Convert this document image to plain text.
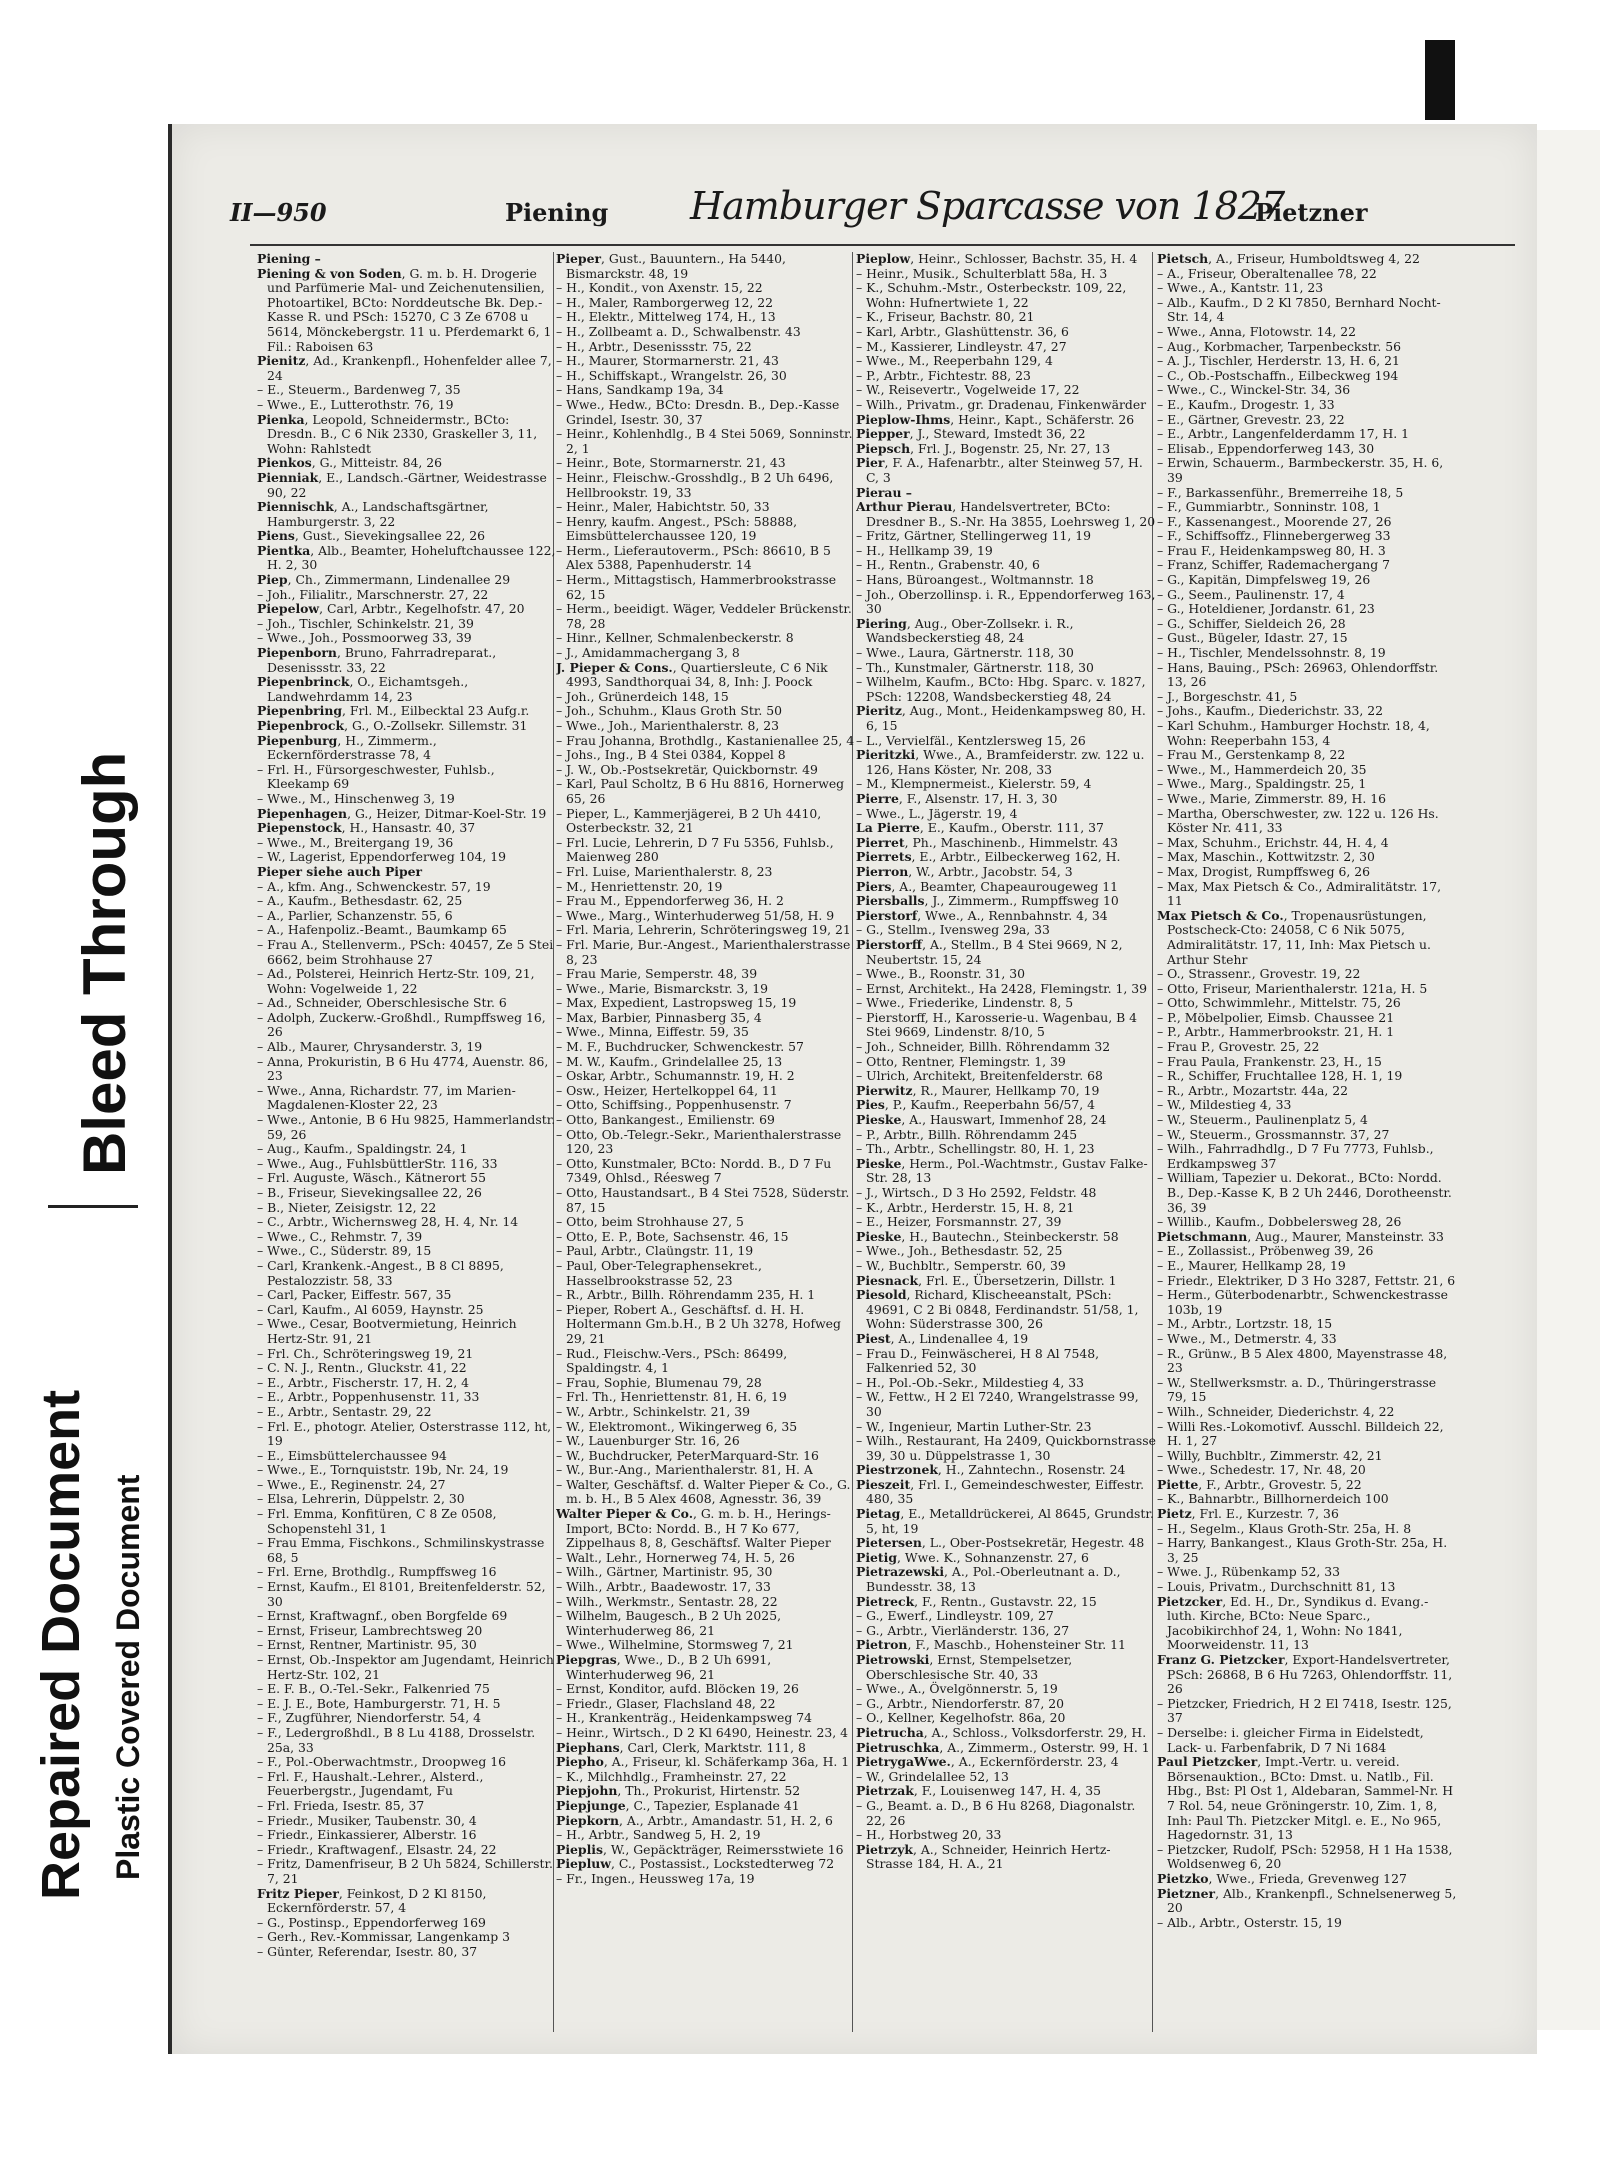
Repaired Document Plastic Covered Document
Bleed Through
II—950	Piening Hamburger Sparcasse von 1827
Pietzner

Piening –

Piening & von Soden, G. m. b. H. Drogerie und Parfümerie Mal- und Zeichenutensilien, Photoartikel, BCto: Norddeutsche Bk. Dep.-Kasse R. und PSch: 15270, C 3 Ze 6708 u 5614, Mönckebergstr. 11 u. Pferdemarkt 6, 1 Fil.: Raboisen 63

Pienitz, Ad., Krankenpfl., Hohenfelder allee 7, 24

– E., Steuerm., Bardenweg 7, 35

– Wwe., E., Lutterothstr. 76, 19

Pienka, Leopold, Schneidermstr., BCto: Dresdn. B., C 6 Nik 2330, Graskeller 3, 11, Wohn: Rahlstedt

Pienkos, G., Mitteistr. 84, 26

Pienniak, E., Landsch.-Gärtner, Weidestrasse 90, 22

Piennischk, A., Landschaftsgärtner, Hamburgerstr. 3, 22

Piens, Gust., Sievekingsallee 22, 26

Pientka, Alb., Beamter, Hoheluftchaussee 122, H. 2, 30

Piep, Ch., Zimmermann, Lindenallee 29

– Joh., Filialitr., Marschnerstr. 27, 22

Piepelow, Carl, Arbtr., Kegelhofstr. 47, 20

– Joh., Tischler, Schinkelstr. 21, 39

– Wwe., Joh., Possmoorweg 33, 39

Piepenborn, Bruno, Fahrradreparat., Desenissstr. 33, 22

Piepenbrinck, O., Eichamtsgeh., Landwehrdamm 14, 23

Piepenbring, Frl. M., Eilbecktal 23 Aufg.r.

Piepenbrock, G., O.-Zollsekr. Sillemstr. 31

Piepenburg, H., Zimmerm., Eckernförderstrasse 78, 4

– Frl. H., Fürsorgeschwester, Fuhlsb., Kleekamp 69

– Wwe., M., Hinschenweg 3, 19

Piepenhagen, G., Heizer, Ditmar-Koel-Str. 19

Piepenstock, H., Hansastr. 40, 37

– Wwe., M., Breitergang 19, 36

– W., Lagerist, Eppendorferweg 104, 19

Pieper siehe auch Piper

– A., kfm. Ang., Schwenckestr. 57, 19

– A., Kaufm., Bethesdastr. 62, 25

– A., Parlier, Schanzenstr. 55, 6

– A., Hafenpoliz.-Beamt., Baumkamp 65

– Frau A., Stellenverm., PSch: 40457, Ze 5 Stei 6662, beim Strohhause 27

– Ad., Polsterei, Heinrich Hertz-Str. 109, 21, Wohn: Vogelweide 1, 22

– Ad., Schneider, Oberschlesische Str. 6

– Adolph, Zuckerw.-Großhdl., Rumpffsweg 16, 26

– Alb., Maurer, Chrysanderstr. 3, 19

– Anna, Prokuristin, B 6 Hu 4774, Auenstr. 86, 23

– Wwe., Anna, Richardstr. 77, im Marien-Magdalenen-Kloster 22, 23

– Wwe., Antonie, B 6 Hu 9825, Hammerlandstr. 59, 26

– Aug., Kaufm., Spaldingstr. 24, 1

– Wwe., Aug., FuhlsbüttlerStr. 116, 33

– Frl. Auguste, Wäsch., Kätnerort 55

– B., Friseur, Sievekingsallee 22, 26

– B., Nieter, Zeisigstr. 12, 22

– C., Arbtr., Wichernsweg 28, H. 4, Nr. 14

– Wwe., C., Rehmstr. 7, 39

– Wwe., C., Süderstr. 89, 15

– Carl, Krankenk.-Angest., B 8 Cl 8895, Pestalozzistr. 58, 33

– Carl, Packer, Eiffestr. 567, 35

– Carl, Kaufm., Al 6059, Haynstr. 25

– Wwe., Cesar, Bootvermietung, Heinrich Hertz-Str. 91, 21

– Frl. Ch., Schröteringsweg 19, 21

– C. N. J., Rentn., Gluckstr. 41, 22

– E., Arbtr., Fischerstr. 17, H. 2, 4

– E., Arbtr., Poppenhusenstr. 11, 33

– E., Arbtr., Sentastr. 29, 22

– Frl. E., photogr. Atelier, Osterstrasse 112, ht, 19

– E., Eimsbüttelerchaussee 94

– Wwe., E., Tornquiststr. 19b, Nr. 24, 19

– Wwe., E., Reginenstr. 24, 27

– Elsa, Lehrerin, Düppelstr. 2, 30

– Frl. Emma, Konfitüren, C 8 Ze 0508, Schopenstehl 31, 1

– Frau Emma, Fischkons., Schmilinskystrasse 68, 5

– Frl. Erne, Brothdlg., Rumpffsweg 16

– Ernst, Kaufm., El 8101, Breitenfelderstr. 52, 30

– Ernst, Kraftwagnf., oben Borgfelde 69

– Ernst, Friseur, Lambrechtsweg 20

– Ernst, Rentner, Martinistr. 95, 30

– Ernst, Ob.-Inspektor am Jugendamt, Heinrich Hertz-Str. 102, 21

– E. F. B., O.-Tel.-Sekr., Falkenried 75

– E. J. E., Bote, Hamburgerstr. 71, H. 5

– F., Zugführer, Niendorferstr. 54, 4

– F., Ledergroßhdl., B 8 Lu 4188, Drosselstr. 25a, 33

– F., Pol.-Oberwachtmstr., Droopweg 16

– Frl. F., Haushalt.-Lehrer., Alsterd., Feuerbergstr., Jugendamt, Fu

– Frl. Frieda, Isestr. 85, 37

– Friedr., Musiker, Taubenstr. 30, 4

– Friedr., Einkassierer, Alberstr. 16

– Friedr., Kraftwagenf., Elsastr. 24, 22

– Fritz, Damenfriseur, B 2 Uh 5824, Schillerstr. 7, 21

Fritz Pieper, Feinkost, D 2 Kl 8150, Eckernförderstr. 57, 4

– G., Postinsp., Eppendorferweg 169

– Gerh., Rev.-Kommissar, Langenkamp 3

– Günter, Referendar, Isestr. 80, 37

Pieper, Gust., Bauuntern., Ha 5440, Bismarckstr. 48, 19

– H., Kondit., von Axenstr. 15, 22

– H., Maler, Ramborgerweg 12, 22

– H., Elektr., Mittelweg 174, H., 13

– H., Zollbeamt a. D., Schwalbenstr. 43

– H., Arbtr., Desenissstr. 75, 22

– H., Maurer, Stormarnerstr. 21, 43

– H., Schiffskapt., Wrangelstr. 26, 30

– Hans, Sandkamp 19a, 34

– Wwe., Hedw., BCto: Dresdn. B., Dep.-Kasse Grindel, Isestr. 30, 37

– Heinr., Kohlenhdlg., B 4 Stei 5069, Sonninstr. 2, 1

– Heinr., Bote, Stormarnerstr. 21, 43

– Heinr., Fleischw.-Grosshdlg., B 2 Uh 6496, Hellbrookstr. 19, 33

– Heinr., Maler, Habichtstr. 50, 33

– Henry, kaufm. Angest., PSch: 58888, Eimsbüttelerchaussee 120, 19

– Herm., Lieferautoverm., PSch: 86610, B 5 Alex 5388, Papenhuderstr. 14

– Herm., Mittagstisch, Hammerbrookstrasse 62, 15

– Herm., beeidigt. Wäger, Veddeler Brückenstr. 78, 28

– Hinr., Kellner, Schmalenbeckerstr. 8

– J., Amidammachergang 3, 8

J. Pieper & Cons., Quartiersleute, C 6 Nik 4993, Sandthorquai 34, 8, Inh: J. Poock

– Joh., Grünerdeich 148, 15

– Joh., Schuhm., Klaus Groth Str. 50

– Wwe., Joh., Marienthalerstr. 8, 23

– Frau Johanna, Brothdlg., Kastanienallee 25, 4

– Johs., Ing., B 4 Stei 0384, Koppel 8

– J. W., Ob.-Postsekretär, Quickbornstr. 49

– Karl, Paul Scholtz, B 6 Hu 8816, Hornerweg 65, 26

– Pieper, L., Kammerjägerei, B 2 Uh 4410, Osterbeckstr. 32, 21

– Frl. Lucie, Lehrerin, D 7 Fu 5356, Fuhlsb., Maienweg 280

– Frl. Luise, Marienthalerstr. 8, 23

– M., Henriettenstr. 20, 19

– Frau M., Eppendorferweg 36, H. 2

– Wwe., Marg., Winterhuderweg 51/58, H. 9

– Frl. Maria, Lehrerin, Schröteringsweg 19, 21

– Frl. Marie, Bur.-Angest., Marienthalerstrasse 8, 23

– Frau Marie, Semperstr. 48, 39

– Wwe., Marie, Bismarckstr. 3, 19

– Max, Expedient, Lastropsweg 15, 19

– Max, Barbier, Pinnasberg 35, 4

– Wwe., Minna, Eiffestr. 59, 35

– M. F., Buchdrucker, Schwenckestr. 57

– M. W., Kaufm., Grindelallee 25, 13

– Oskar, Arbtr., Schumannstr. 19, H. 2

– Osw., Heizer, Hertelkoppel 64, 11

– Otto, Schiffsing., Poppenhusenstr. 7

– Otto, Bankangest., Emilienstr. 69

– Otto, Ob.-Telegr.-Sekr., Marienthalerstrasse 120, 23

– Otto, Kunstmaler, BCto: Nordd. B., D 7 Fu 7349, Ohlsd., Réesweg 7

– Otto, Haustandsart., B 4 Stei 7528, Süderstr. 87, 15

– Otto, beim Strohhause 27, 5

– Otto, E. P., Bote, Sachsenstr. 46, 15

– Paul, Arbtr., Claüngstr. 11, 19

– Paul, Ober-Telegraphensekret., Hasselbrookstrasse 52, 23

– R., Arbtr., Billh. Röhrendamm 235, H. 1

– Pieper, Robert A., Geschäftsf. d. H. H. Holtermann Gm.b.H., B 2 Uh 3278, Hofweg 29, 21

– Rud., Fleischw.-Vers., PSch: 86499, Spaldingstr. 4, 1

– Frau, Sophie, Blumenau 79, 28

– Frl. Th., Henriettenstr. 81, H. 6, 19

– W., Arbtr., Schinkelstr. 21, 39

– W., Elektromont., Wikingerweg 6, 35

– W., Lauenburger Str. 16, 26

– W., Buchdrucker, PeterMarquard-Str. 16

– W., Bur.-Ang., Marienthalerstr. 81, H. A

– Walter, Geschäftsf. d. Walter Pieper & Co., G. m. b. H., B 5 Alex 4608, Agnesstr. 36, 39

Walter Pieper & Co., G. m. b. H., Herings-Import, BCto: Nordd. B., H 7 Ko 677, Zippelhaus 8, 8, Geschäftsf. Walter Pieper

– Walt., Lehr., Hornerweg 74, H. 5, 26

– Wilh., Gärtner, Martinistr. 95, 30

– Wilh., Arbtr., Baadewostr. 17, 33

– Wilh., Werkmstr., Sentastr. 28, 22

– Wilhelm, Baugesch., B 2 Uh 2025, Winterhuderweg 86, 21

– Wwe., Wilhelmine, Stormsweg 7, 21

Piepgras, Wwe., D., B 2 Uh 6991, Winterhuderweg 96, 21

– Ernst, Konditor, aufd. Blöcken 19, 26

– Friedr., Glaser, Flachsland 48, 22

– H., Krankenträg., Heidenkampsweg 74

– Heinr., Wirtsch., D 2 Kl 6490, Heinestr. 23, 4

Piephans, Carl, Clerk, Marktstr. 111, 8

Piepho, A., Friseur, kl. Schäferkamp 36a, H. 1

– K., Milchhdlg., Framheinstr. 27, 22

Piepjohn, Th., Prokurist, Hirtenstr. 52

Piepjunge, C., Tapezier, Esplanade 41

Piepkorn, A., Arbtr., Amandastr. 51, H. 2, 6

– H., Arbtr., Sandweg 5, H. 2, 19

Pieplis, W., Gepäckträger, Reimersstwiete 16

Piepluw, C., Postassist., Lockstedterweg 72

– Fr., Ingen., Heussweg 17a, 19

Pieplow, Heinr., Schlosser, Bachstr. 35, H. 4

– Heinr., Musik., Schulterblatt 58a, H. 3

– K., Schuhm.-Mstr., Osterbeckstr. 109, 22, Wohn: Hufnertwiete 1, 22

– K., Friseur, Bachstr. 80, 21

– Karl, Arbtr., Glashüttenstr. 36, 6

– M., Kassierer, Lindleystr. 47, 27

– Wwe., M., Reeperbahn 129, 4

– P., Arbtr., Fichtestr. 88, 23

– W., Reisevertr., Vogelweide 17, 22

– Wilh., Privatm., gr. Dradenau, Finkenwärder

Pieplow-Ihms, Heinr., Kapt., Schäferstr. 26

Piepper, J., Steward, Imstedt 36, 22

Piepsch, Frl. J., Bogenstr. 25, Nr. 27, 13

Pier, F. A., Hafenarbtr., alter Steinweg 57, H. C, 3

Pierau –

Arthur Pierau, Handelsvertreter, BCto: Dresdner B., S.-Nr. Ha 3855, Loehrsweg 1, 20

– Fritz, Gärtner, Stellingerweg 11, 19

– H., Hellkamp 39, 19

– H., Rentn., Grabenstr. 40, 6

– Hans, Büroangest., Woltmannstr. 18

– Joh., Oberzollinsp. i. R., Eppendorferweg 163, 30

Piering, Aug., Ober-Zollsekr. i. R., Wandsbeckerstieg 48, 24

– Wwe., Laura, Gärtnerstr. 118, 30

– Th., Kunstmaler, Gärtnerstr. 118, 30

– Wilhelm, Kaufm., BCto: Hbg. Sparc. v. 1827, PSch: 12208, Wandsbeckerstieg 48, 24

Pieritz, Aug., Mont., Heidenkampsweg 80, H. 6, 15

– L., Vervielfäl., Kentzlersweg 15, 26

Pieritzki, Wwe., A., Bramfeiderstr. zw. 122 u. 126, Hans Köster, Nr. 208, 33

– M., Klempnermeist., Kielerstr. 59, 4

Pierre, F., Alsenstr. 17, H. 3, 30

– Wwe., L., Jägerstr. 19, 4

La Pierre, E., Kaufm., Oberstr. 111, 37

Pierret, Ph., Maschinenb., Himmelstr. 43

Pierrets, E., Arbtr., Eilbeckerweg 162, H.

Pierron, W., Arbtr., Jacobstr. 54, 3

Piers, A., Beamter, Chapeaurougeweg 11

Piersballs, J., Zimmerm., Rumpffsweg 10

Pierstorf, Wwe., A., Rennbahnstr. 4, 34

– G., Stellm., Ivensweg 29a, 33

Pierstorff, A., Stellm., B 4 Stei 9669, N 2, Neubertstr. 15, 24

– Wwe., B., Roonstr. 31, 30

– Ernst, Architekt., Ha 2428, Flemingstr. 1, 39

– Wwe., Friederike, Lindenstr. 8, 5

– Pierstorff, H., Karosserie-u. Wagenbau, B 4 Stei 9669, Lindenstr. 8/10, 5

– Joh., Schneider, Billh. Röhrendamm 32

– Otto, Rentner, Flemingstr. 1, 39

– Ulrich, Architekt, Breitenfelderstr. 68

Pierwitz, R., Maurer, Hellkamp 70, 19

Pies, P., Kaufm., Reeperbahn 56/57, 4

Pieske, A., Hauswart, Immenhof 28, 24

– P., Arbtr., Billh. Röhrendamm 245

– Th., Arbtr., Schellingstr. 80, H. 1, 23

Pieske, Herm., Pol.-Wachtmstr., Gustav Falke-Str. 28, 13

– J., Wirtsch., D 3 Ho 2592, Feldstr. 48

– K., Arbtr., Herderstr. 15, H. 8, 21

– E., Heizer, Forsmannstr. 27, 39

Pieske, H., Bautechn., Steinbeckerstr. 58

– Wwe., Joh., Bethesdastr. 52, 25

– W., Buchbltr., Semperstr. 60, 39

Piesnack, Frl. E., Übersetzerin, Dillstr. 1

Piesold, Richard, Klischeeanstalt, PSch: 49691, C 2 Bi 0848, Ferdinandstr. 51/58, 1, Wohn: Süderstrasse 300, 26

Piest, A., Lindenallee 4, 19

– Frau D., Feinwäscherei, H 8 Al 7548, Falkenried 52, 30

– H., Pol.-Ob.-Sekr., Mildestieg 4, 33

– W., Fettw., H 2 El 7240, Wrangelstrasse 99, 30

– W., Ingenieur, Martin Luther-Str. 23

– Wilh., Restaurant, Ha 2409, Quickbornstrasse 39, 30 u. Düppelstrasse 1, 30

Piestrzonek, H., Zahntechn., Rosenstr. 24

Pieszeit, Frl. I., Gemeindeschwester, Eiffestr. 480, 35

Pietag, E., Metalldrückerei, Al 8645, Grundstr. 5, ht, 19

Pietersen, L., Ober-Postsekretär, Hegestr. 48

Pietig, Wwe. K., Sohnanzenstr. 27, 6

Pietrazewski, A., Pol.-Oberleutnant a. D., Bundesstr. 38, 13

Pietreck, F., Rentn., Gustavstr. 22, 15

– G., Ewerf., Lindleystr. 109, 27

– G., Arbtr., Vierländerstr. 136, 27

Pietron, F., Maschb., Hohensteiner Str. 11

Pietrowski, Ernst, Stempelsetzer, Oberschlesische Str. 40, 33

– Wwe., A., Övelgönnerstr. 5, 19

– G., Arbtr., Niendorferstr. 87, 20

– O., Kellner, Kegelhofstr. 86a, 20

Pietrucha, A., Schloss., Volksdorferstr. 29, H.

Pietruschka, A., Zimmerm., Osterstr. 99, H. 1

PietrygaWwe., A., Eckernförderstr. 23, 4

– W., Grindelallee 52, 13

Pietrzak, F., Louisenweg 147, H. 4, 35

– G., Beamt. a. D., B 6 Hu 8268, Diagonalstr. 22, 26

– H., Horbstweg 20, 33

Pietrzyk, A., Schneider, Heinrich Hertz-Strasse 184, H. A., 21

Pietsch, A., Friseur, Humboldtsweg 4, 22

– A., Friseur, Oberaltenallee 78, 22

– Wwe., A., Kantstr. 11, 23

– Alb., Kaufm., D 2 Kl 7850, Bernhard Nocht-Str. 14, 4

– Wwe., Anna, Flotowstr. 14, 22

– Aug., Korbmacher, Tarpenbeckstr. 56

– A. J., Tischler, Herderstr. 13, H. 6, 21

– C., Ob.-Postschaffn., Eilbeckweg 194

– Wwe., C., Winckel-Str. 34, 36

– E., Kaufm., Drogestr. 1, 33

– E., Gärtner, Grevestr. 23, 22

– E., Arbtr., Langenfelderdamm 17, H. 1

– Elisab., Eppendorferweg 143, 30

– Erwin, Schauerm., Barmbeckerstr. 35, H. 6, 39

– F., Barkassenführ., Bremerreihe 18, 5

– F., Gummiarbtr., Sonninstr. 108, 1

– F., Kassenangest., Moorende 27, 26

– F., Schiffsoffz., Flinnebergerweg 33

– Frau F., Heidenkampsweg 80, H. 3

– Franz, Schiffer, Rademachergang 7

– G., Kapitän, Dimpfelsweg 19, 26

– G., Seem., Paulinenstr. 17, 4

– G., Hoteldiener, Jordanstr. 61, 23

– G., Schiffer, Sieldeich 26, 28

– Gust., Bügeler, Idastr. 27, 15

– H., Tischler, Mendelssohnstr. 8, 19

– Hans, Bauing., PSch: 26963, Ohlendorffstr. 13, 26

– J., Borgeschstr. 41, 5

– Johs., Kaufm., Diederichstr. 33, 22

– Karl Schuhm., Hamburger Hochstr. 18, 4, Wohn: Reeperbahn 153, 4

– Frau M., Gerstenkamp 8, 22

– Wwe., M., Hammerdeich 20, 35

– Wwe., Marg., Spaldingstr. 25, 1

– Wwe., Marie, Zimmerstr. 89, H. 16

– Martha, Oberschwester, zw. 122 u. 126 Hs. Köster Nr. 411, 33

– Max, Schuhm., Erichstr. 44, H. 4, 4

– Max, Maschin., Kottwitzstr. 2, 30

– Max, Drogist, Rumpffsweg 6, 26

– Max, Max Pietsch & Co., Admiralitätstr. 17, 11

Max Pietsch & Co., Tropenausrüstungen, Postscheck-Cto: 24058, C 6 Nik 5075, Admiralitätstr. 17, 11, Inh: Max Pietsch u. Arthur Stehr

– O., Strassenr., Grovestr. 19, 22

– Otto, Friseur, Marienthalerstr. 121a, H. 5

– Otto, Schwimmlehr., Mittelstr. 75, 26

– P., Möbelpolier, Eimsb. Chaussee 21

– P., Arbtr., Hammerbrookstr. 21, H. 1

– Frau P., Grovestr. 25, 22

– Frau Paula, Frankenstr. 23, H., 15

– R., Schiffer, Fruchtallee 128, H. 1, 19

– R., Arbtr., Mozartstr. 44a, 22

– W., Mildestieg 4, 33

– W., Steuerm., Paulinenplatz 5, 4

– W., Steuerm., Grossmannstr. 37, 27

– Wilh., Fahrradhdlg., D 7 Fu 7773, Fuhlsb., Erdkampsweg 37

– William, Tapezier u. Dekorat., BCto: Nordd. B., Dep.-Kasse K, B 2 Uh 2446, Dorotheenstr. 36, 39

– Willib., Kaufm., Dobbelersweg 28, 26

Pietschmann, Aug., Maurer, Mansteinstr. 33

– E., Zollassist., Pröbenweg 39, 26

– E., Maurer, Hellkamp 28, 19

– Friedr., Elektriker, D 3 Ho 3287, Fettstr. 21, 6

– Herm., Güterbodenarbtr., Schwenckestrasse 103b, 19

– M., Arbtr., Lortzstr. 18, 15

– Wwe., M., Detmerstr. 4, 33

– R., Grünw., B 5 Alex 4800, Mayenstrasse 48, 23

– W., Stellwerksmstr. a. D., Thüringerstrasse 79, 15

– Wilh., Schneider, Diederichstr. 4, 22

– Willi Res.-Lokomotivf. Ausschl. Billdeich 22, H. 1, 27

– Willy, Buchbltr., Zimmerstr. 42, 21

– Wwe., Schedestr. 17, Nr. 48, 20

Piette, F., Arbtr., Grovestr. 5, 22

– K., Bahnarbtr., Billhornerdeich 100

Pietz, Frl. E., Kurzestr. 7, 36

– H., Segelm., Klaus Groth-Str. 25a, H. 8

– Harry, Bankangest., Klaus Groth-Str. 25a, H. 3, 25

– Wwe. J., Rübenkamp 52, 33

– Louis, Privatm., Durchschnitt 81, 13

Pietzcker, Ed. H., Dr., Syndikus d. Evang.-luth. Kirche, BCto: Neue Sparc., Jacobikirchhof 24, 1, Wohn: No 1841, Moorweidenstr. 11, 13

Franz G. Pietzcker, Export-Handelsvertreter, PSch: 26868, B 6 Hu 7263, Ohlendorffstr. 11, 26

– Pietzcker, Friedrich, H 2 El 7418, Isestr. 125, 37

– Derselbe: i. gleicher Firma in Eidelstedt, Lack- u. Farbenfabrik, D 7 Ni 1684

Paul Pietzcker, Impt.-Vertr. u. vereid. Börsenauktion., BCto: Dmst. u. Natlb., Fil. Hbg., Bst: Pl Ost 1, Aldebaran, Sammel-Nr. H 7 Rol. 54, neue Gröningerstr. 10, Zim. 1, 8, Inh: Paul Th. Pietzcker Mitgl. e. E., No 965, Hagedornstr. 31, 13

– Pietzcker, Rudolf, PSch: 52958, H 1 Ha 1538, Woldsenweg 6, 20

Pietzko, Wwe., Frieda, Grevenweg 127

Pietzner, Alb., Krankenpfl., Schnelsenerweg 5, 20

– Alb., Arbtr., Osterstr. 15, 19
